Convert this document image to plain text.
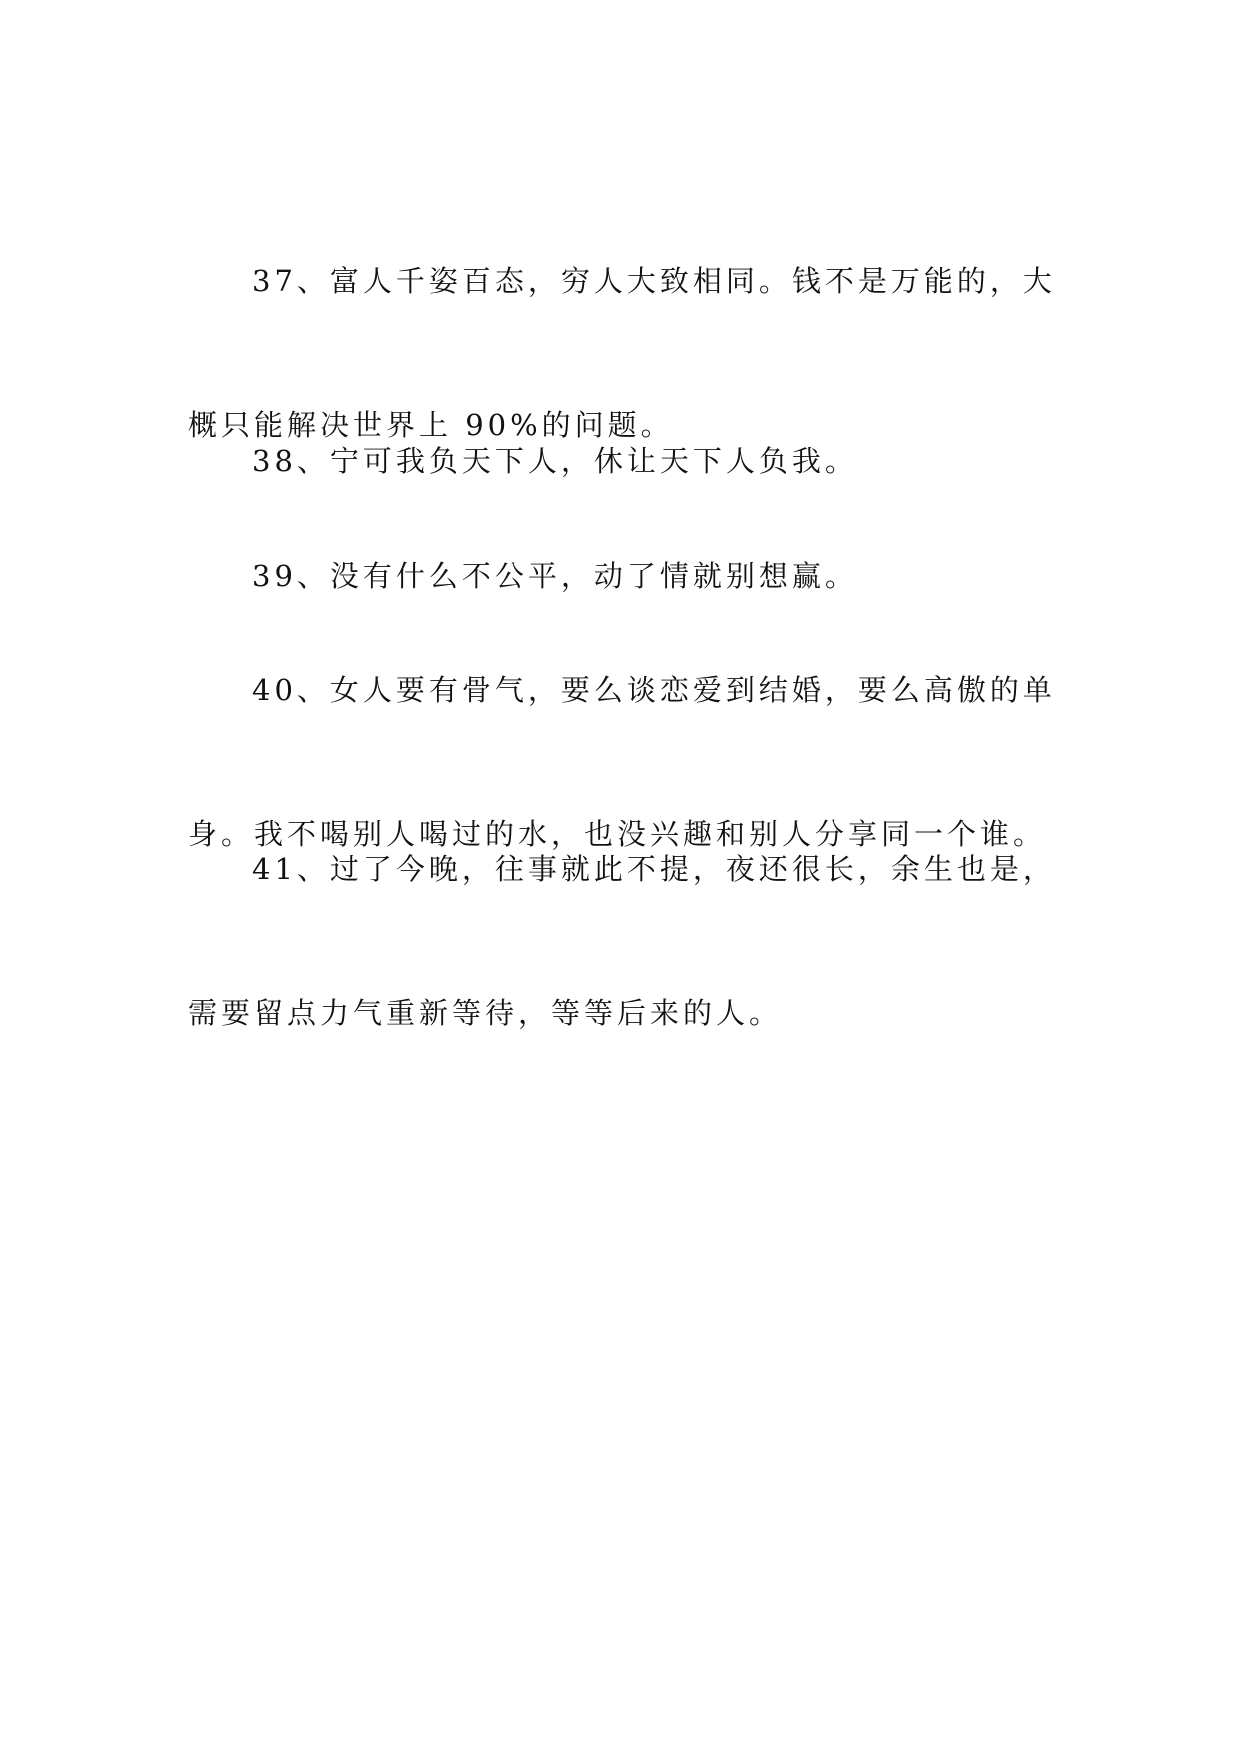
37、富人千姿百态，穷人大致相同。钱不是万能的，大

概只能解决世界上 90%的问题。

38、宁可我负天下人，休让天下人负我。

39、没有什么不公平，动了情就别想赢。

40、女人要有骨气，要么谈恋爱到结婚，要么高傲的单

身。我不喝别人喝过的水，也没兴趣和别人分享同一个谁。

41、过了今晚，往事就此不提，夜还很长，余生也是，

需要留点力气重新等待，等等后来的人。
